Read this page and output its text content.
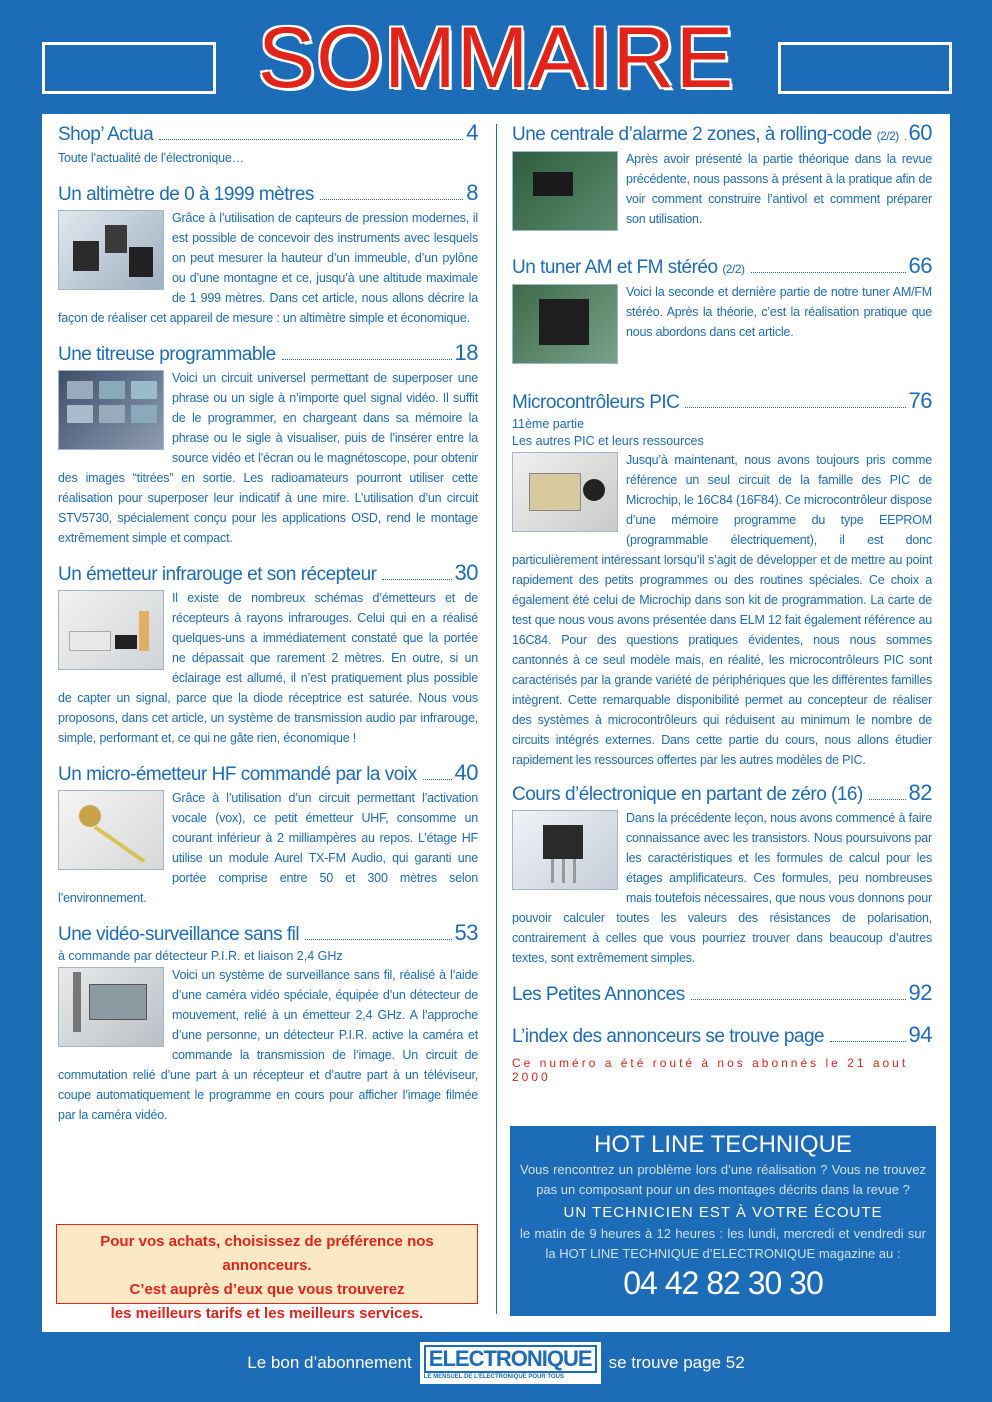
SOMMAIRE
Shop’ Actua	4
Toute l’actualité de l’électronique…
Un altimètre de 0 à 1999 mètres	8
Grâce à l’utilisation de capteurs de pression modernes, il est possible de concevoir des instruments avec lesquels on peut mesurer la hauteur d’un immeuble, d’un pylône ou d’une montagne et ce, jusqu’à une altitude maximale de 1 999 mètres. Dans cet article, nous allons décrire la façon de réaliser cet appareil de mesure : un altimètre simple et économique.
Une titreuse programmable	18
Voici un circuit universel permettant de superposer une phrase ou un sigle à n’importe quel signal vidéo. Il suffit de le programmer, en chargeant dans sa mémoire la phrase ou le sigle à visualiser, puis de l’insérer entre la source vidéo et l’écran ou le magnétoscope, pour obtenir des images “titrées” en sortie. Les radioamateurs pourront utiliser cette réalisation pour superposer leur indicatif à une mire. L’utilisation d’un circuit STV5730, spécialement conçu pour les applications OSD, rend le montage extrêmement simple et compact.
Un émetteur infrarouge et son récepteur	30
Il existe de nombreux schémas d’émetteurs et de récepteurs à rayons infrarouges. Celui qui en a réalisé quelques-uns a immédiatement constaté que la portée ne dépassait que rarement 2 mètres. En outre, si un éclairage est allumé, il n’est pratiquement plus possible de capter un signal, parce que la diode réceptrice est saturée. Nous vous proposons, dans cet article, un système de transmission audio par infrarouge, simple, performant et, ce qui ne gâte rien, économique !
Un micro-émetteur HF commandé par la voix 40
Grâce à l’utilisation d’un circuit permettant l’activation vocale (vox), ce petit émetteur UHF, consomme un courant inférieur à 2 milliampères au repos. L’étage HF utilise un module Aurel TX-FM Audio, qui garanti une portée comprise entre 50 et 300 mètres selon l’environnement.
Une vidéo-surveillance sans fil	53
à commande par détecteur P.I.R. et liaison 2,4 GHz
Voici un système de surveillance sans fil, réalisé à l’aide d’une caméra vidéo spéciale, équipée d’un détecteur de mouvement, relié à un émetteur 2,4 GHz. A l’approche d’une personne, un détecteur P.I.R. active la caméra et commande la transmission de l’image. Un circuit de commutation relié d’une part à un récepteur et d’autre part à un téléviseur, coupe automatiquement le programme en cours pour afficher l’image filmée par la caméra vidéo.
Une centrale d’alarme 2 zones, à rolling-code (2/2) 60
Après avoir présenté la partie théorique dans la revue précédente, nous passons à présent à la pratique afin de voir comment construire l’antivol et comment préparer son utilisation.
Un tuner AM et FM stéréo (2/2)	66
Voici la seconde et dernière partie de notre tuner AM/FM stéréo. Après la théorie, c’est la réalisation pratique que nous abordons dans cet article.
Microcontrôleurs PIC	76
11ème partie
Les autres PIC et leurs ressources
Jusqu’à maintenant, nous avons toujours pris comme référence un seul circuit de la famille des PIC de Microchip, le 16C84 (16F84). Ce microcontrôleur dispose d’une mémoire programme du type EEPROM (programmable électriquement), il est donc particulièrement intéressant lorsqu’il s’agit de développer et de mettre au point rapidement des petits programmes ou des routines spéciales. Ce choix a également été celui de Microchip dans son kit de programmation. La carte de test que nous vous avons présentée dans ELM 12 fait également référence au 16C84. Pour des questions pratiques évidentes, nous nous sommes cantonnés à ce seul modèle mais, en réalité, les microcontrôleurs PIC sont caractérisés par la grande variété de périphériques que les différentes familles intègrent. Cette remarquable disponibilité permet au concepteur de réaliser des systèmes à microcontrôleurs qui réduisent au minimum le nombre de circuits intégrés externes. Dans cette partie du cours, nous allons étudier rapidement les ressources offertes par les autres modèles de PIC.
Cours d’électronique en partant de zéro (16) 82
Dans la précédente leçon, nous avons commencé à faire connaissance avec les transistors. Nous poursuivons par les caractéristiques et les formules de calcul pour les étages amplificateurs. Ces formules, peu nombreuses mais toutefois nécessaires, que nous vous donnons pour pouvoir calculer toutes les valeurs des résistances de polarisation, contrairement à celles que vous pourriez trouver dans beaucoup d’autres textes, sont extrêmement simples.
Les Petites Annonces	92
L’index des annonceurs se trouve page	94
Ce numéro a été routé à nos abonnés le 21 aout 2000
Pour vos achats, choisissez de préférence nos annonceurs.
C’est auprès d’eux que vous trouverez
les meilleurs tarifs et les meilleurs services.
HOT LINE TECHNIQUE
Vous rencontrez un problème lors d’une réalisation ? Vous ne trouvez pas un composant pour un des montages décrits dans la revue ?
UN TECHNICIEN EST À VOTRE ÉCOUTE
le matin de 9 heures à 12 heures : les lundi, mercredi et vendredi sur la HOT LINE TECHNIQUE d’ELECTRONIQUE magazine au :
04 42 82 30 30
Le bon d’abonnement ELECTRONIQUE
LE MENSUEL DE L’ÉLECTRONIQUE POUR TOUS
se trouve page 52
